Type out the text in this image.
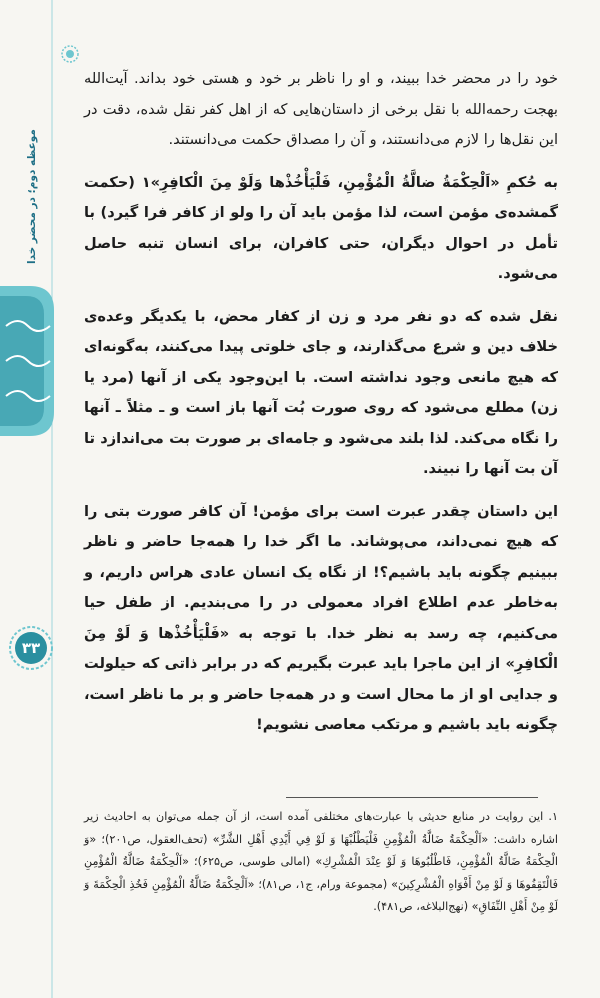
موعظه دوم؛ در محضر خدا
۳۳

خود را در محضر خدا ببیند، و او را ناظر بر خود و هستی خود بداند. آیت‌الله بهجت رحمه‌الله با نقل برخی از داستان‌هایی که از اهل کفر نقل شده، دقت در این نقل‌ها را لازم می‌دانستند، و آن را مصداق حکمت می‌دانستند.

به حُکمِ «اَلْحِکْمَةُ ضالَّةُ الْمُؤْمِنِ، فَلْیَأْخُذْها وَلَوْ مِنَ الْکافِرِ»۱ (حکمت گمشده‌ی مؤمن است، لذا مؤمن باید آن را ولو از کافر فرا گیرد) با تأمل در احوال دیگران، حتی کافران، برای انسان تنبه حاصل می‌شود.

نقل شده که دو نفر مرد و زن از کفار محض، با یکدیگر وعده‌ی خلاف دین و شرع می‌گذارند، و جای خلوتی پیدا می‌کنند، به‌گونه‌ای که هیچ مانعی وجود نداشته است. با این‌وجود یکی از آنها (مرد یا زن) مطلع می‌شود که روی صورت بُت آنها باز است و ـ مثلاً ـ آنها را نگاه می‌کند. لذا بلند می‌شود و جامه‌ای بر صورت بت می‌اندازد تا آن بت آنها را نبیند.

این داستان چقدر عبرت است برای مؤمن! آن کافر صورت بتی را که هیچ نمی‌داند، می‌پوشاند. ما اگر خدا را همه‌جا حاضر و ناظر ببینیم چگونه باید باشیم؟! از نگاه یک انسان عادی هراس داریم، و به‌خاطر عدم اطلاع افراد معمولی در را می‌بندیم. از طفل حیا می‌کنیم، چه رسد به نظر خدا. با توجه به «فَلْیَأْخُذْها وَ لَوْ مِنَ الْکافِرِ» از این ماجرا باید عبرت بگیریم که در برابر ذاتی که حیلولت و جدایی او از ما محال است و در همه‌جا حاضر و بر ما ناظر است، چگونه باید باشیم و مرتکب معاصی نشویم!

۱. این روایت در منابع حدیثی با عبارت‌های مختلفی آمده است، از آن جمله می‌توان به احادیث زیر اشاره داشت: «اَلْحِکْمَةُ ضَالَّةُ الْمُؤْمِنِ فَلْیَطْلُبْهَا وَ لَوْ فِي أَیْدِي أَهْلِ الشَّرِّ» (تحف‌العقول، ص۲۰۱)؛ «وَ الْحِکْمَةُ ضَالَّةُ الْمُؤْمِنِ، فَاطْلُبُوهَا وَ لَوْ عِنْدَ الْمُشْرِكِ» (امالی طوسی، ص۶۲۵)؛ «اَلْحِکْمَةُ ضَالَّةُ الْمُؤْمِنِ فَالْتَقِفُوهَا وَ لَوْ مِنْ أَفْوَاهِ الْمُشْرِکِینَ» (مجموعة ورام، ج۱، ص۸۱)؛ «اَلْحِکْمَةُ ضَالَّةُ الْمُؤْمِنِ فَخُذِ الْحِکْمَةَ وَ لَوْ مِنْ أَهْلِ النِّفَاقِ» (نهج‌البلاغه، ص۴۸۱).
